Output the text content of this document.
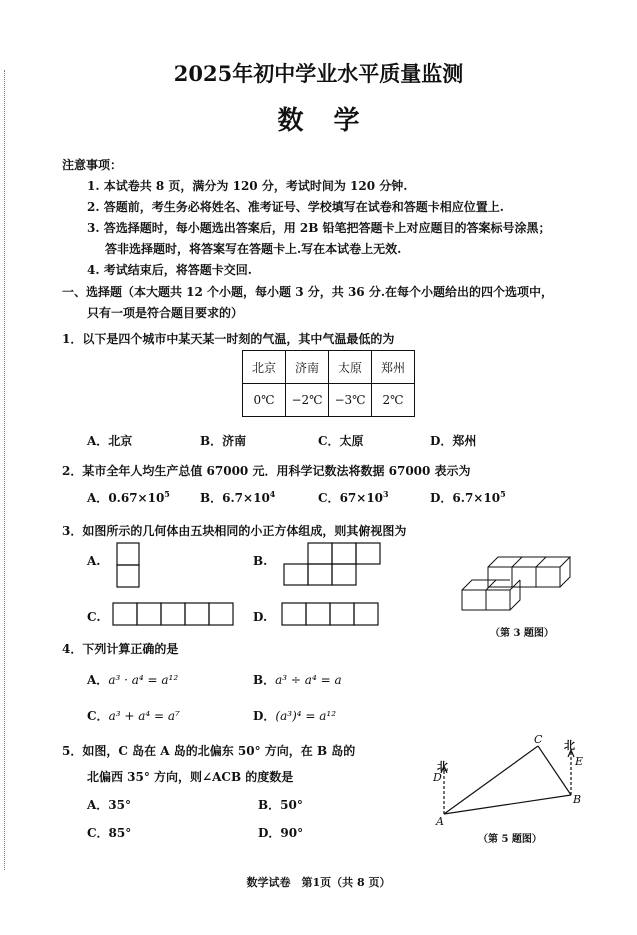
2025年初中学业水平质量监测
数学
注意事项：
1. 本试卷共 8 页，满分为 120 分，考试时间为 120 分钟.
2. 答题前，考生务必将姓名、准考证号、学校填写在试卷和答题卡相应位置上.
3. 答选择题时，每小题选出答案后，用 2B 铅笔把答题卡上对应题目的答案标号涂黑；
答非选择题时，将答案写在答题卡上.写在本试卷上无效.
4. 考试结束后，将答题卡交回.
一、选择题（本大题共 12 个小题，每小题 3 分，共 36 分.在每个小题给出的四个选项中，
只有一项是符合题目要求的）
1．以下是四个城市中某天某一时刻的气温，其中气温最低的为
北京	济南	太原	郑州
0℃	−2℃	−3℃	2℃
A．北京	B．济南	C．太原	D．郑州
2．某市全年人均生产总值 67000 元．用科学记数法将数据 67000 表示为
A．$0.67\times 10^5$	B．$6.7\times 10^4$	C．$67\times 10^3$	D．$6.7\times 10^5$
3．如图所示的几何体由五块相同的小正方体组成，则其俯视图为
A.	B.
C.	D.
（第 3 题图）
4．下列计算正确的是
A．a³ · a⁴ = a¹²	B．a³ ÷ a⁴ = a
C．a³ + a⁴ = a⁷	D．(a³)⁴ = a¹²
5．如图，C 岛在 A 岛的北偏东 50° 方向，在 B 岛的
北偏西 35° 方向，则∠ACB 的度数是
A．35°	B．50°
C．85°	D．90°
北
北
D
E
C
A
B
（第 5 题图）
数学试卷　第1页（共 8 页）
